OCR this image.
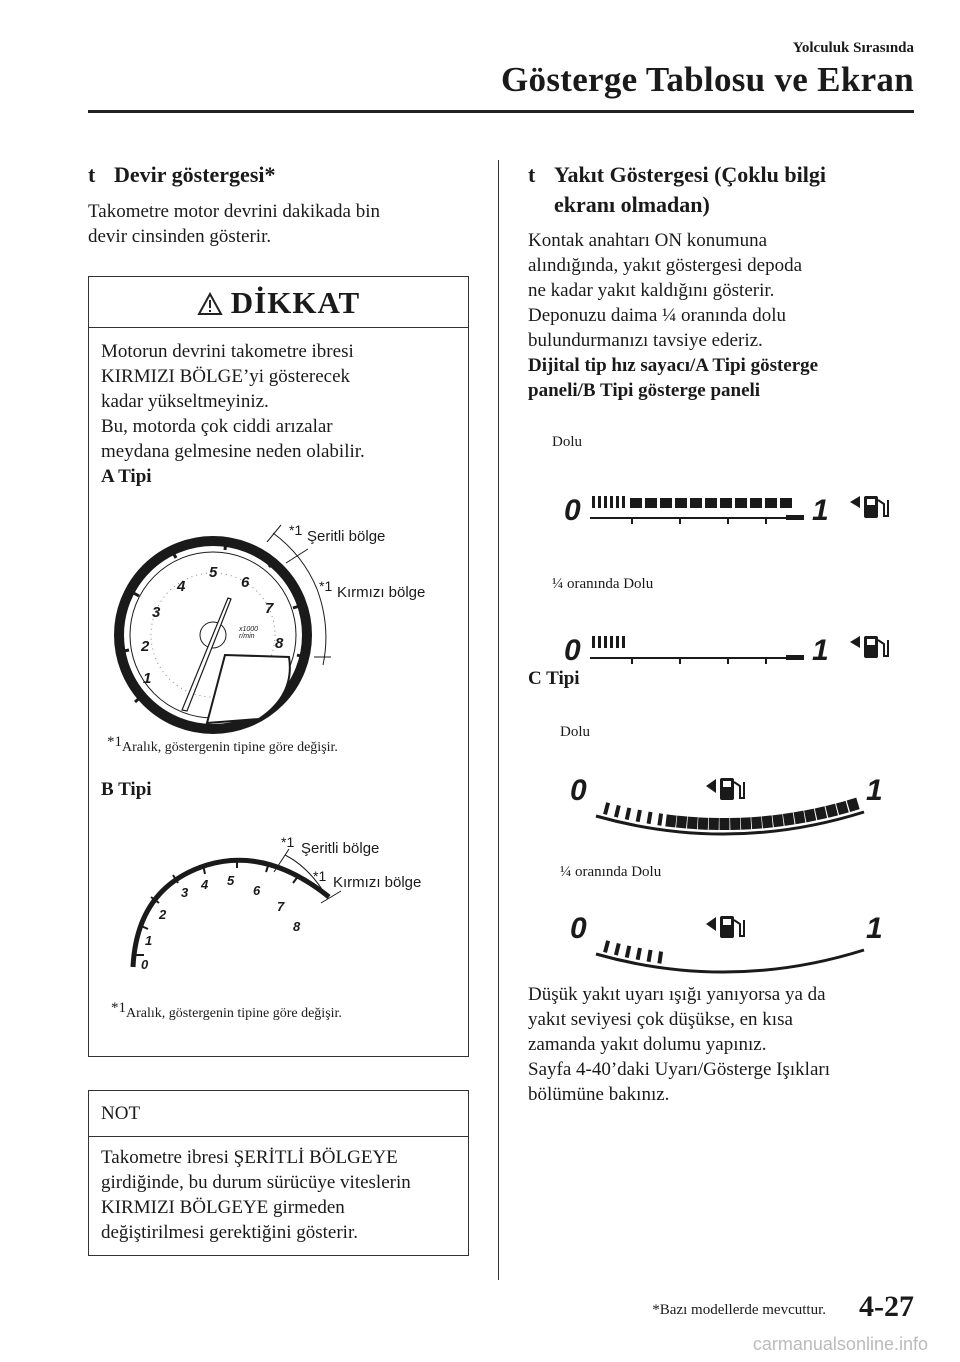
Yolculuk Sırasında
Gösterge Tablosu ve Ekran
t Devir göstergesi*
Takometre motor devrini dakikada bin
devir cinsinden gösterir.
DİKKAT
Motorun devrini takometre ibresi
KIRMIZI BÖLGE’yi gösterecek
kadar yükseltmeyiniz.
Bu, motorda çok ciddi arızalar
meydana gelmesine neden olabilir.
A Tipi
1
2
3
4
5
6
7
8
x1000
r/min
*1 Şeritli bölge
*1 Kırmızı bölge
*1Aralık, göstergenin tipine göre değişir.
B Tipi
0
1
2
3
4 5
6
7
8
*1 Şeritli bölge
*1 Kırmızı bölge
*1Aralık, göstergenin tipine göre değişir.
NOT
Takometre ibresi ŞERİTLİ BÖLGEYE
girdiğinde, bu durum sürücüye viteslerin
KIRMIZI BÖLGEYE girmeden
değiştirilmesi gerektiğini gösterir.
t Yakıt Göstergesi (Çoklu bilgi
ekranı olmadan)
Kontak anahtarı ON konumuna
alındığında, yakıt göstergesi depoda
ne kadar yakıt kaldığını gösterir.
Deponuzu daima ¼ oranında dolu
bulundurmanızı tavsiye ederiz.
Dijital tip hız sayacı/A Tipi gösterge
paneli/B Tipi gösterge paneli
Dolu
0	1
¼ oranında Dolu
0	1
C Tipi
Dolu
0	1
¼ oranında Dolu
0	1
Düşük yakıt uyarı ışığı yanıyorsa ya da
yakıt seviyesi çok düşükse, en kısa
zamanda yakıt dolumu yapınız.
Sayfa 4-40’daki Uyarı/Gösterge Işıkları
bölümüne bakınız.
*Bazı modellerde mevcuttur. 4-27
carmanualsonline.info
